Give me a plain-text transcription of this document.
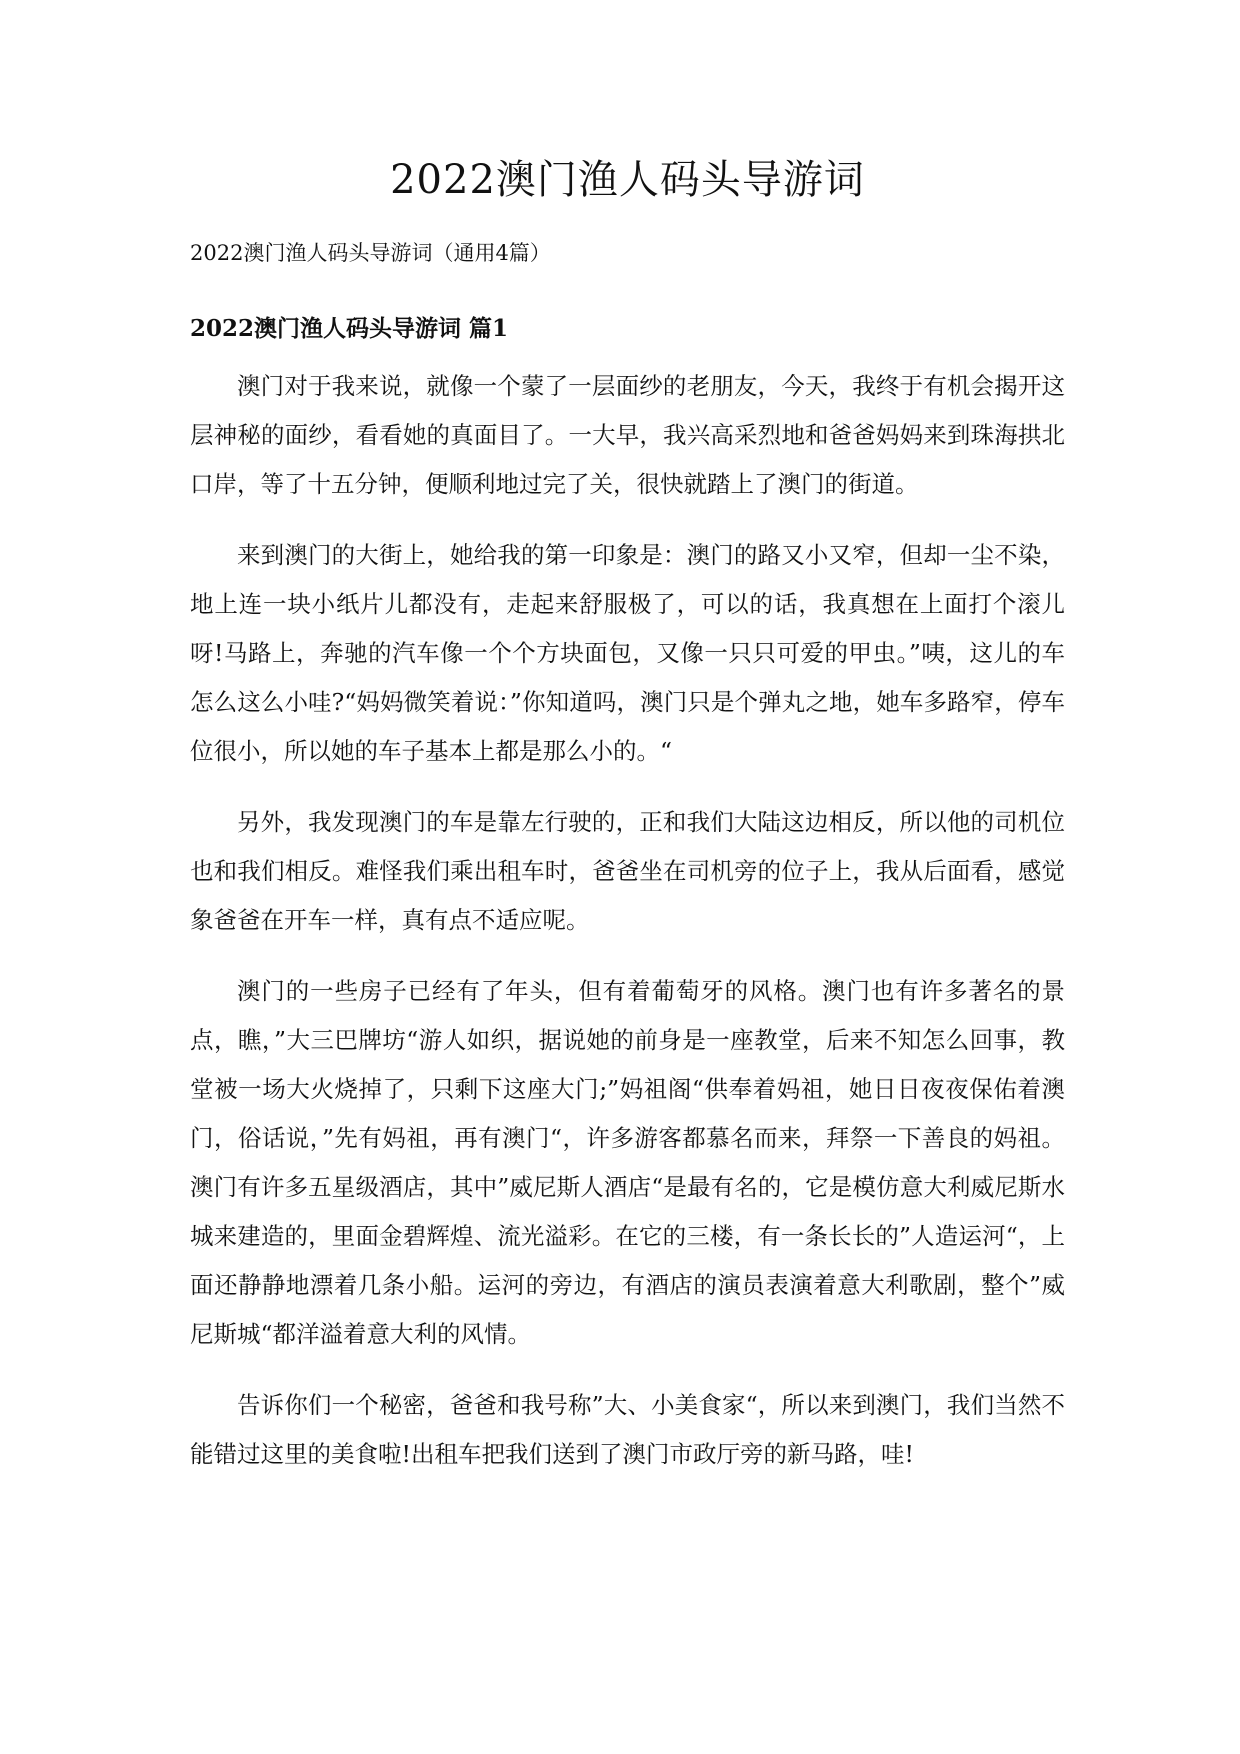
2022澳门渔人码头导游词

2022澳门渔人码头导游词（通用4篇）

2022澳门渔人码头导游词 篇1

澳门对于我来说，就像一个蒙了一层面纱的老朋友，今天，我终于有机会揭开这层神秘的面纱，看看她的真面目了。一大早，我兴高采烈地和爸爸妈妈来到珠海拱北口岸，等了十五分钟，便顺利地过完了关，很快就踏上了澳门的街道。

来到澳门的大街上，她给我的第一印象是：澳门的路又小又窄，但却一尘不染，地上连一块小纸片儿都没有，走起来舒服极了，可以的话，我真想在上面打个滚儿呀!马路上，奔驰的汽车像一个个方块面包，又像一只只可爱的甲虫。”咦，这儿的车怎么这么小哇?“妈妈微笑着说：”你知道吗，澳门只是个弹丸之地，她车多路窄，停车位很小，所以她的车子基本上都是那么小的。“

另外，我发现澳门的车是靠左行驶的，正和我们大陆这边相反，所以他的司机位也和我们相反。难怪我们乘出租车时，爸爸坐在司机旁的位子上，我从后面看，感觉象爸爸在开车一样，真有点不适应呢。

澳门的一些房子已经有了年头，但有着葡萄牙的风格。澳门也有许多著名的景点，瞧，”大三巴牌坊“游人如织，据说她的前身是一座教堂，后来不知怎么回事，教堂被一场大火烧掉了，只剩下这座大门;”妈祖阁“供奉着妈祖，她日日夜夜保佑着澳门，俗话说，”先有妈祖，再有澳门“，许多游客都慕名而来，拜祭一下善良的妈祖。澳门有许多五星级酒店，其中”威尼斯人酒店“是最有名的，它是模仿意大利威尼斯水城来建造的，里面金碧辉煌、流光溢彩。在它的三楼，有一条长长的”人造运河“，上面还静静地漂着几条小船。运河的旁边，有酒店的演员表演着意大利歌剧，整个”威尼斯城“都洋溢着意大利的风情。

告诉你们一个秘密，爸爸和我号称”大、小美食家“，所以来到澳门，我们当然不能错过这里的美食啦!出租车把我们送到了澳门市政厅旁的新马路，哇!
